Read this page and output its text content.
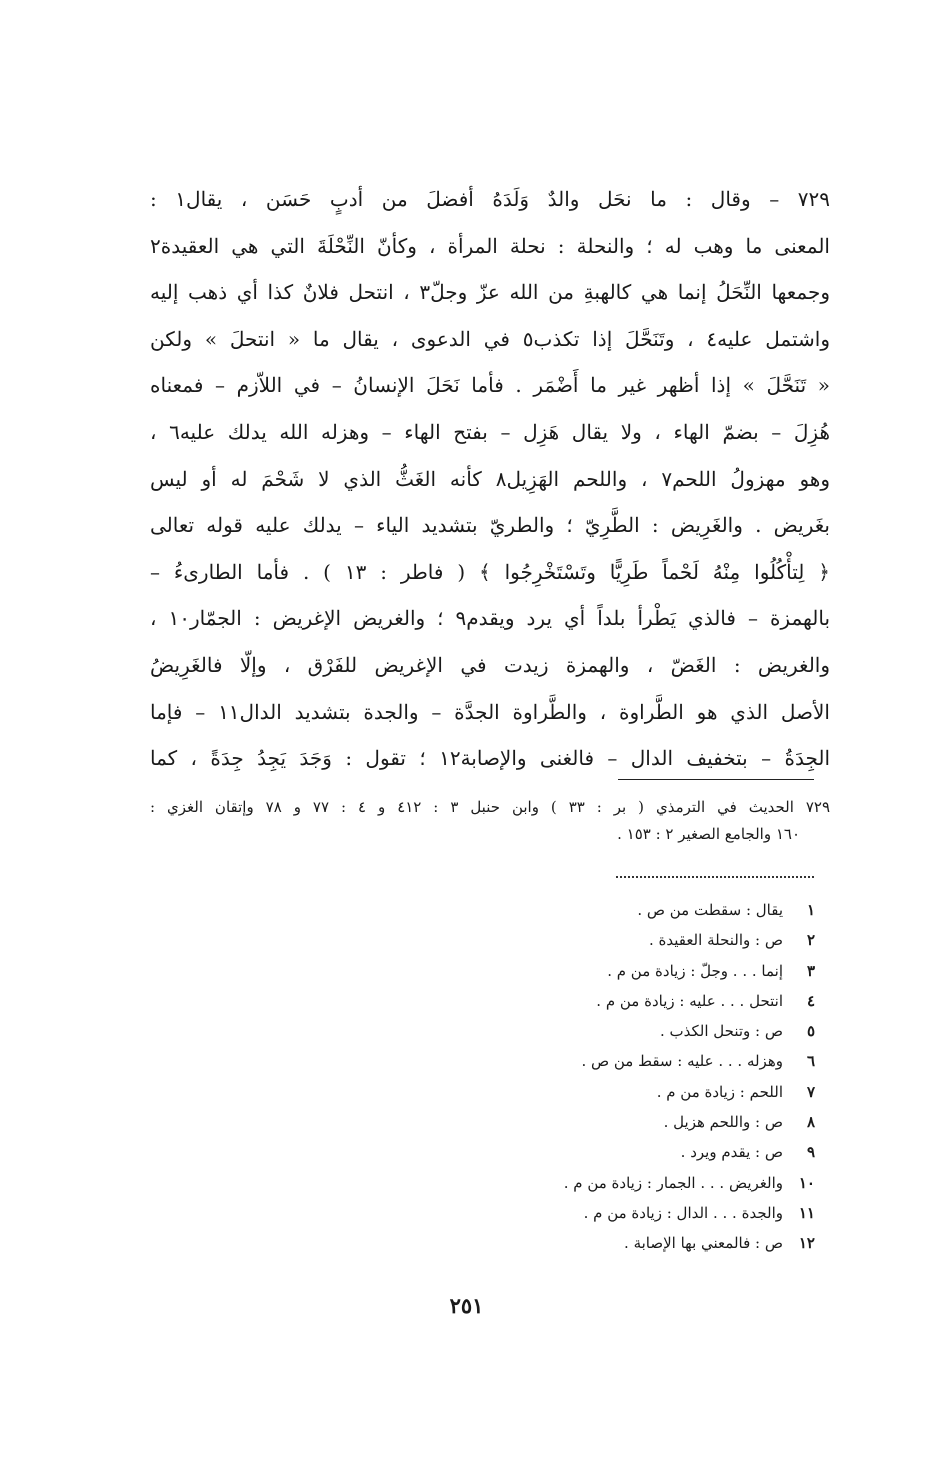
٧٢٩ – وقال : ما نحَل والدٌ وَلَدَهُ أفضلَ من أدبٍ حَسَن ، يقال١ :
المعنى ما وهب له ؛ والنحلة : نحلة المرأة ، وكأنّ النِّحْلَةَ التي هي العقيدة٢
وجمعها النِّحَلُ إنما هي كالهبةِ من الله عزّ وجلّ٣ ، انتحل فلانٌ كذا أي ذهب إليه
واشتمل عليه٤ ، وتَنَحَّلَ إذا تكذب٥ في الدعوى ، يقال ما « انتحلَ » ولكن
« تَنَحَّلَ » إذا أظهر غير ما أَضْمَر . فأما نَحَلَ الإنسانُ – في اللاّزم – فمعناه
هُزِلَ – بضمّ الهاء ، ولا يقال هَزِل – بفتح الهاء – وهزله الله يدلك عليه٦ ،
وهو مهزولُ اللحم٧ ، واللحم الهَزِيل٨ كأنه الغَثُّ الذي لا شَحْمَ له أو ليس
بغَريض . والغَرِيض : الطَّرِيّ ؛ والطريّ بتشديد الياء – يدلك عليه قوله تعالى
﴿ لِتأْكُلُوا مِنْهُ لَحْماً طَرِيًّا وتَسْتَخْرِجُوا ﴾ ( فاطر : ١٣ ) . فأما الطارىءُ –
بالهمزة – فالذي يَطْرأ بلداً أي يرد ويقدم٩ ؛ والغريض الإغريض : الجمّار١٠ ،
والغريض : الغَضّ ، والهمزة زيدت في الإغريض للفَرْق ، وإلّا فالغَرِيضُ
الأصل الذي هو الطَّراوة ، والطَّراوة الجدَّة – والجدة بتشديد الدال١١ – فإما
الجِدَةُ – بتخفيف الدال – فالغنى والإصابة١٢ ؛ تقول : وَجَدَ يَجِدُ جِدَةً ، كما
٧٢٩ الحديث في الترمذي ( بر : ٣٣ ) وابن حنبل ٣ : ٤١٢ و ٤ : ٧٧ و ٧٨ وإتقان الغزي :
١٦٠ والجامع الصغير ٢ : ١٥٣ .
١
يقال : سقطت من ص .
٢
ص : والنحلة العقيدة .
٣
إنما . . . وجلّ : زيادة من م .
٤
انتحل . . . عليه : زيادة من م .
٥
ص : وتنحل الكذب .
٦
وهزله . . . عليه : سقط من ص .
٧
اللحم : زيادة من م .
٨
ص : واللحم هزيل .
٩
ص : يقدم ويرد .
١٠
والغريض . . . الجمار : زيادة من م .
١١
والجدة . . . الدال : زيادة من م .
١٢
ص : فالمعني بها الإصابة .
٢٥١
